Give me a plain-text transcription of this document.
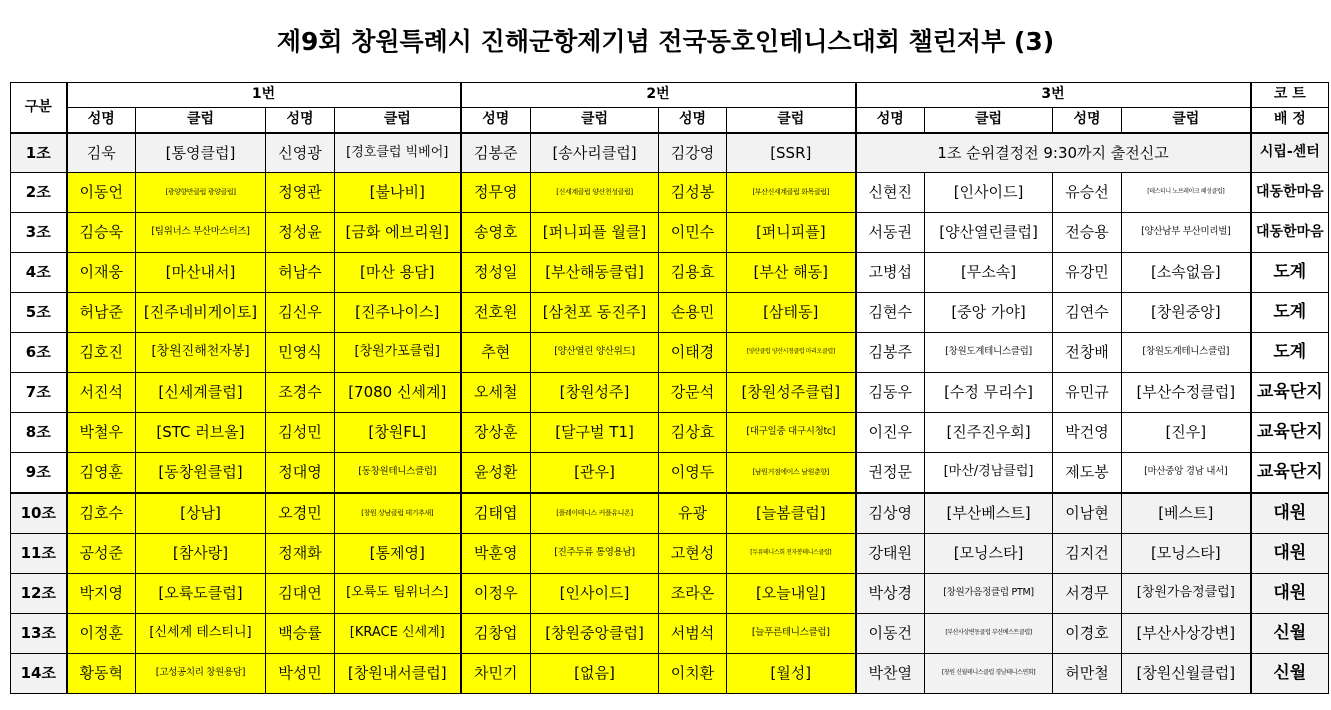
제9회 창원특례시 진해군항제기념 전국동호인테니스대회 챌린저부 (3)
구분	1번				2번				3번				코 트
	성명	클럽	성명	클럽	성명	클럽	성명	클럽	성명	클럽	성명	클럽	배 정
1조	김욱	[통영클럽]	신영광	[경호클럽 빅베어]	김봉준	[송사리클럽]	김강영	[SSR]	1조 순위결정전 9:30까지 출전신고				시립-센터
2조	이동언	[광양향만클럽 광양클럽]	정영관	[불나비]	정무영	[신세계클럽 양산천성클럽]	김성봉	[부산신세계클럽 화목클럽]	신현진	[인사이드]	유승선	[테스티니 노브레이크 혜성클럽]	대동한마음
3조	김승욱	[팀위너스 부산마스터즈]	정성윤	[금화 에브리원]	송영호	[퍼니피플 월클]	이민수	[퍼니피플]	서동권	[양산열린클럽]	전승용	[양산남부 부산미리벌]	대동한마음
4조	이재웅	[마산내서]	허남수	[마산 용담]	정성일	[부산해동클럽]	김용효	[부산 해동]	고병섭	[무소속]	유강민	[소속없음]	도계
5조	허남준	[진주네비게이토]	김신우	[진주나이스]	전호원	[삼천포 동진주]	손용민	[삼테동]	김현수	[중앙 가야]	김연수	[창원중앙]	도계
6조	김호진	[창원진해천자봉]	민영식	[창원가포클럽]	추현	[양산열린 양산위드]	이태경	[양산클럽 양산시청클럽 마리오클럽]	김봉주	[창원도계테니스클럽]	전창배	[창원도계테니스클럽]	도계
7조	서진석	[신세계클럽]	조경수	[7080 신세계]	오세철	[창원성주]	강문석	[창원성주클럽]	김동우	[수정 무리수]	유민규	[부산수정클럽]	교육단지
8조	박철우	[STC 러브올]	김성민	[창원FL]	장상훈	[달구벌 T1]	김상효	[대구일중 대구시청tc]	이진우	[진주진우회]	박건영	[진우]	교육단지
9조	김영훈	[동창원클럽]	정대영	[동창원테니스클럽]	윤성환	[관우]	이영두	[남원거점에이스 남원춘향]	권정문	[마산/경남클럽]	제도봉	[마산중앙 경남 내서]	교육단지
10조	김호수	[상남]	오경민	[창원 상남클럽 테기추새]	김태엽	[플레이테니스 커플유니온]	유광	[늘봄클럽]	김상영	[부산베스트]	이남현	[베스트]	대원
11조	공성준	[참사랑]	정재화	[통제영]	박훈영	[진주두류 통영용남]	고현성	[두류테니스회 천자봉테니스클럽]	강태원	[모닝스타]	김지건	[모닝스타]	대원
12조	박지영	[오륙도클럽]	김대연	[오륙도 팀위너스]	이정우	[인사이드]	조라온	[오늘내일]	박상경	[창원가음정클럽 PTM]	서경무	[창원가음정클럽]	대원
13조	이정훈	[신세계 테스티니]	백승률	[KRACE 신세계]	김창업	[창원중앙클럽]	서범석	[늘푸른테니스클럽]	이동건	[부산사상변동클럽 부산베스트클럽]	이경호	[부산사상강변]	신월
14조	황동혁	[고성공치리 창원용담]	박성민	[창원내서클럽]	차민기	[없음]	이치환	[월성]	박찬열	[창원 신월테니스클럽 경남테니스연회]	허만철	[창원신월클럽]	신월
